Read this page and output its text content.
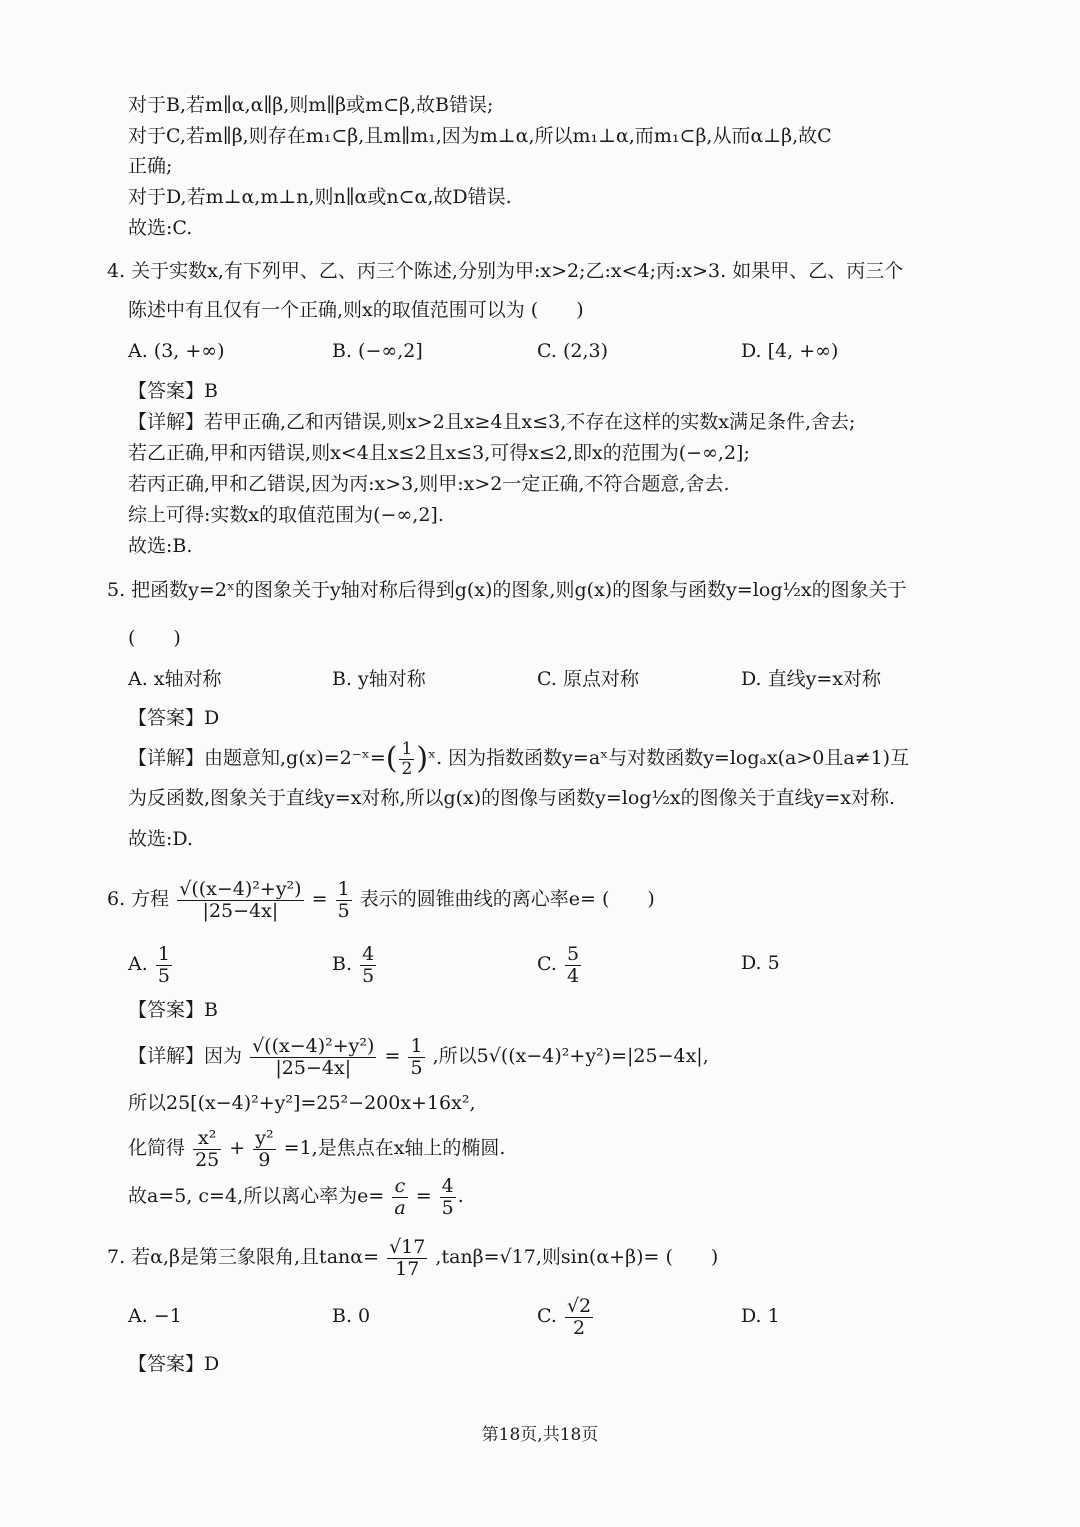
对于B,若m∥α,α∥β,则m∥β或m⊂β,故B错误;
对于C,若m∥β,则存在m₁⊂β,且m∥m₁,因为m⊥α,所以m₁⊥α,而m₁⊂β,从而α⊥β,故C
正确;
对于D,若m⊥α,m⊥n,则n∥α或n⊂α,故D错误.
故选:C.
4. 关于实数x,有下列甲、乙、丙三个陈述,分别为甲:x>2;乙:x<4;丙:x>3. 如果甲、乙、丙三个
陈述中有且仅有一个正确,则x的取值范围可以为 (　　)
A. (3, +∞)	B. (−∞,2]	C. (2,3)	D. [4, +∞)
【答案】B
【详解】若甲正确,乙和丙错误,则x>2且x≥4且x≤3,不存在这样的实数x满足条件,舍去;
若乙正确,甲和丙错误,则x<4且x≤2且x≤3,可得x≤2,即x的范围为(−∞,2];
若丙正确,甲和乙错误,因为丙:x>3,则甲:x>2一定正确,不符合题意,舍去.
综上可得:实数x的取值范围为(−∞,2].
故选:B.
5. 把函数y=2ˣ的图象关于y轴对称后得到g(x)的图象,则g(x)的图象与函数y=log½x的图象关于
(　　)
A. x轴对称	B. y轴对称	C. 原点对称	D. 直线y=x对称
【答案】D
【详解】由题意知,g(x)=2⁻ˣ=( $\frac{1}{2}$ )ˣ. 因为指数函数y=aˣ与对数函数y=logₐx(a>0且a≠1)互
为反函数,图象关于直线y=x对称,所以g(x)的图像与函数y=log½x的图像关于直线y=x对称.
故选:D.
6. 方程 $\frac{\text{√((x−4)²+y²)}}{|25-4x|} = \frac{1}{5}$ 表示的圆锥曲线的离心率e= (　　)
A. $\frac{1}{5}$	B. $\frac{4}{5}$	C. $\frac{5}{4}$	D. 5
【答案】B
【详解】因为 $\frac{\text{√((x−4)²+y²)}}{|25-4x|} = \frac{1}{5}$ ,所以5√((x−4)²+y²)=|25−4x|,
所以25[(x−4)²+y²]=25²−200x+16x²,
化简得 $\frac{\text{x²}}{25} + \frac{\text{y²}}{9} =1$,是焦点在x轴上的椭圆.
故a=5, c=4,所以离心率为$e= \frac{c}{a} = \frac{4}{5}$ .
7. 若α,β是第三象限角,且$\tan\alpha= \frac{√17}{17} ,\tan\beta=√17$,则sin(α+β)= (　　)
A. −1	B. 0	C. $\frac{√2}{2}$	D. 1
【答案】D
第18页,共18页
